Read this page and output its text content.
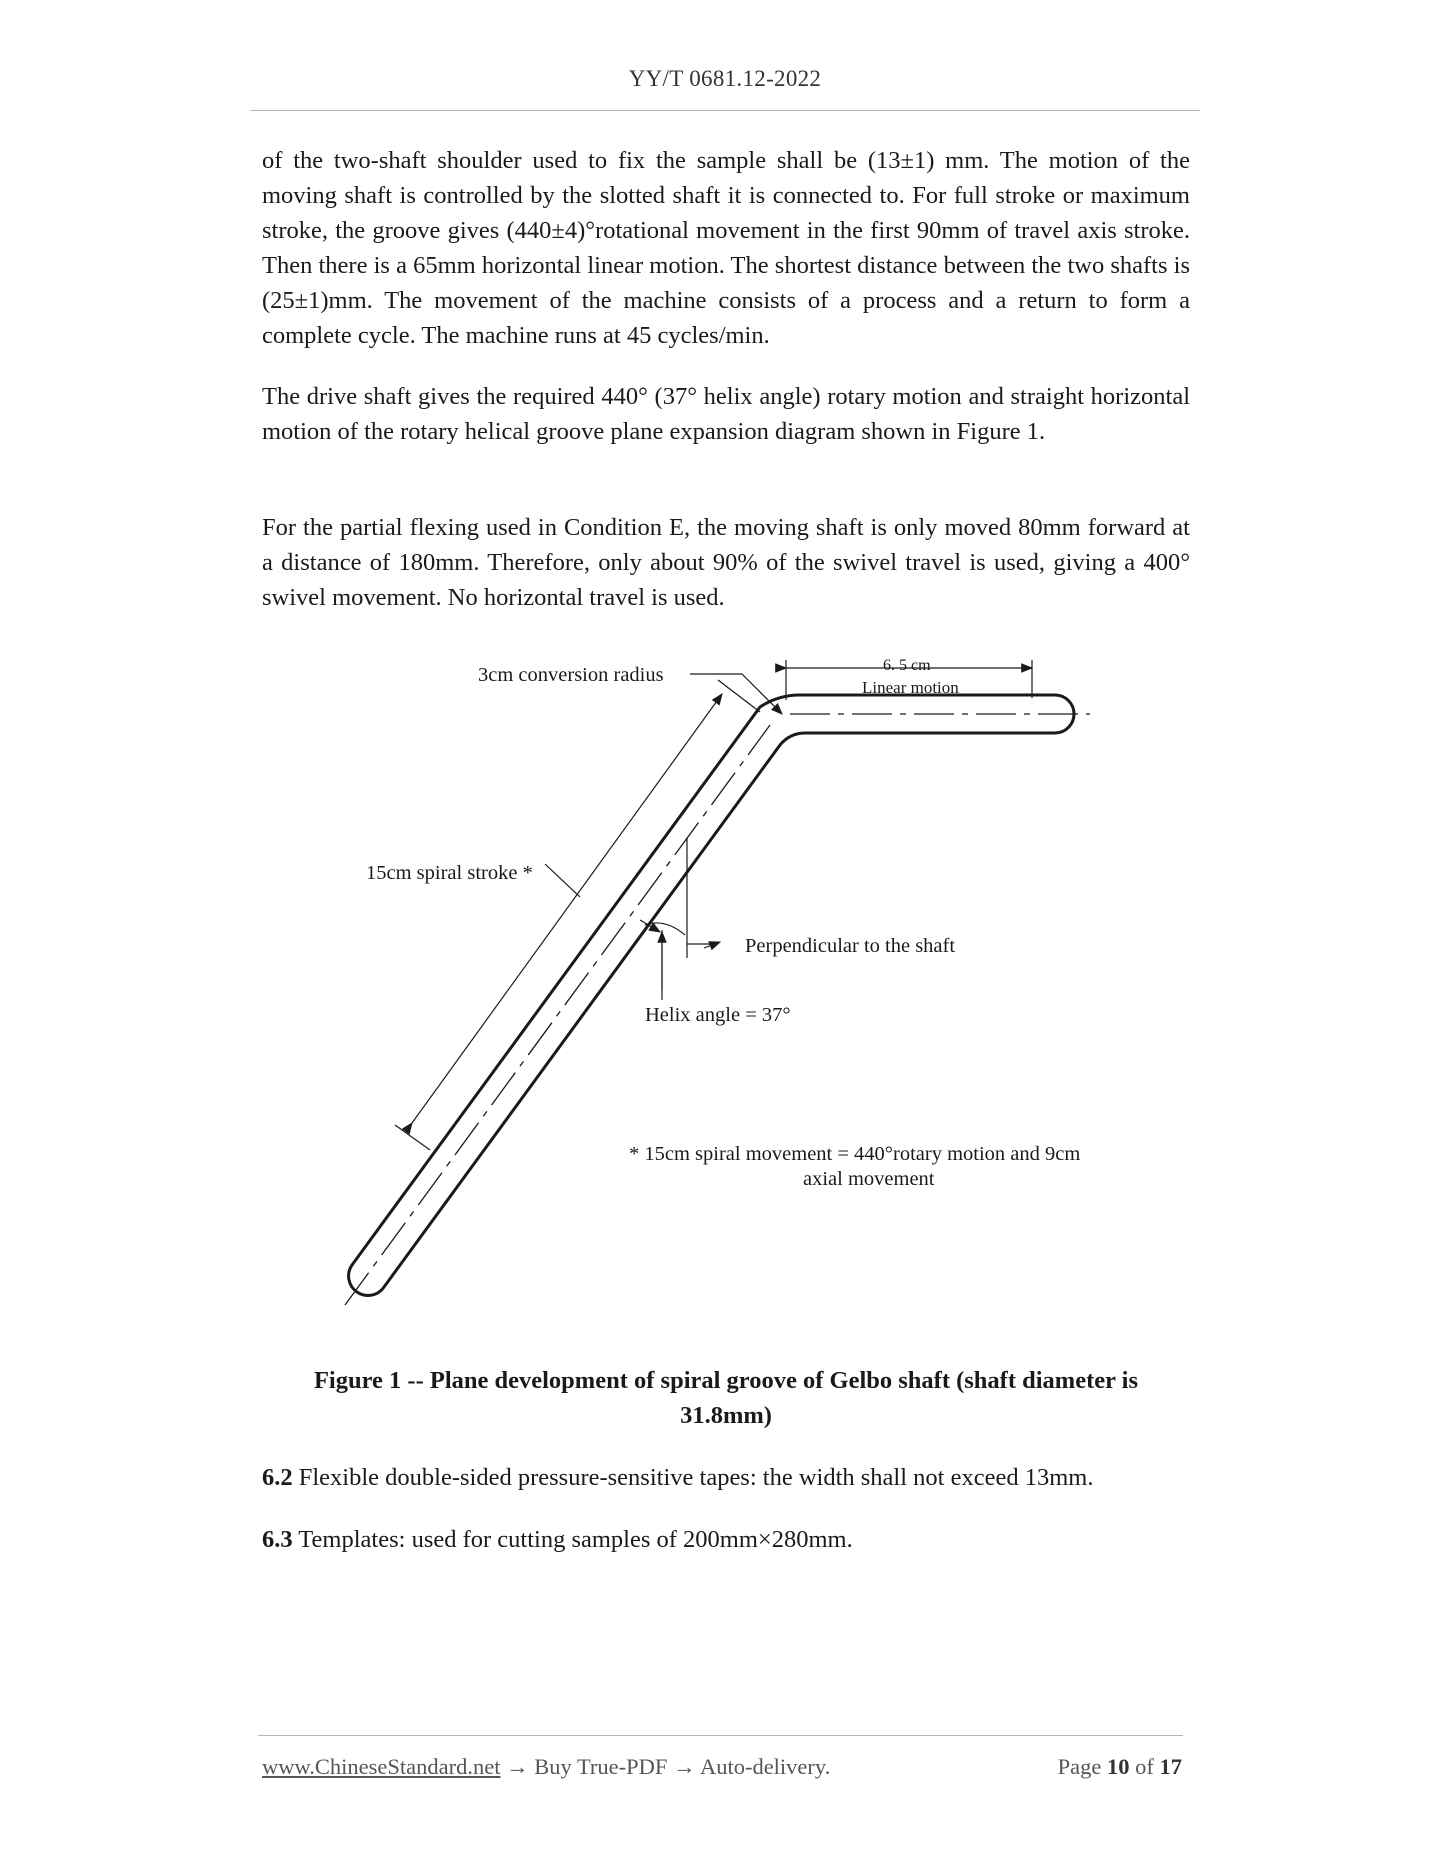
YY/T 0681.12-2022

of the two-shaft shoulder used to fix the sample shall be (13±1) mm. The motion of the moving shaft is controlled by the slotted shaft it is connected to. For full stroke or maximum stroke, the groove gives (440±4)°rotational movement in the first 90mm of travel axis stroke. Then there is a 65mm horizontal linear motion. The shortest distance between the two shafts is (25±1)mm. The movement of the machine consists of a process and a return to form a complete cycle. The machine runs at 45 cycles/min.

The drive shaft gives the required 440° (37° helix angle) rotary motion and straight horizontal motion of the rotary helical groove plane expansion diagram shown in Figure 1.

For the partial flexing used in Condition E, the moving shaft is only moved 80mm forward at a distance of 180mm. Therefore, only about 90% of the swivel travel is used, giving a 400° swivel movement. No horizontal travel is used.

3cm conversion radius	6. 5 cm
Linear motion
15cm spiral stroke *
Perpendicular to the shaft
Helix angle = 37°
* 15cm spiral movement = 440°rotary motion and 9cm
axial movement

Figure 1 -- Plane development of spiral groove of Gelbo shaft (shaft diameter is
31.8mm)

6.2 Flexible double-sided pressure-sensitive tapes: the width shall not exceed 13mm.

6.3 Templates: used for cutting samples of 200mm×280mm.

www.ChineseStandard.net → Buy True-PDF → Auto-delivery.	Page 10 of 17
